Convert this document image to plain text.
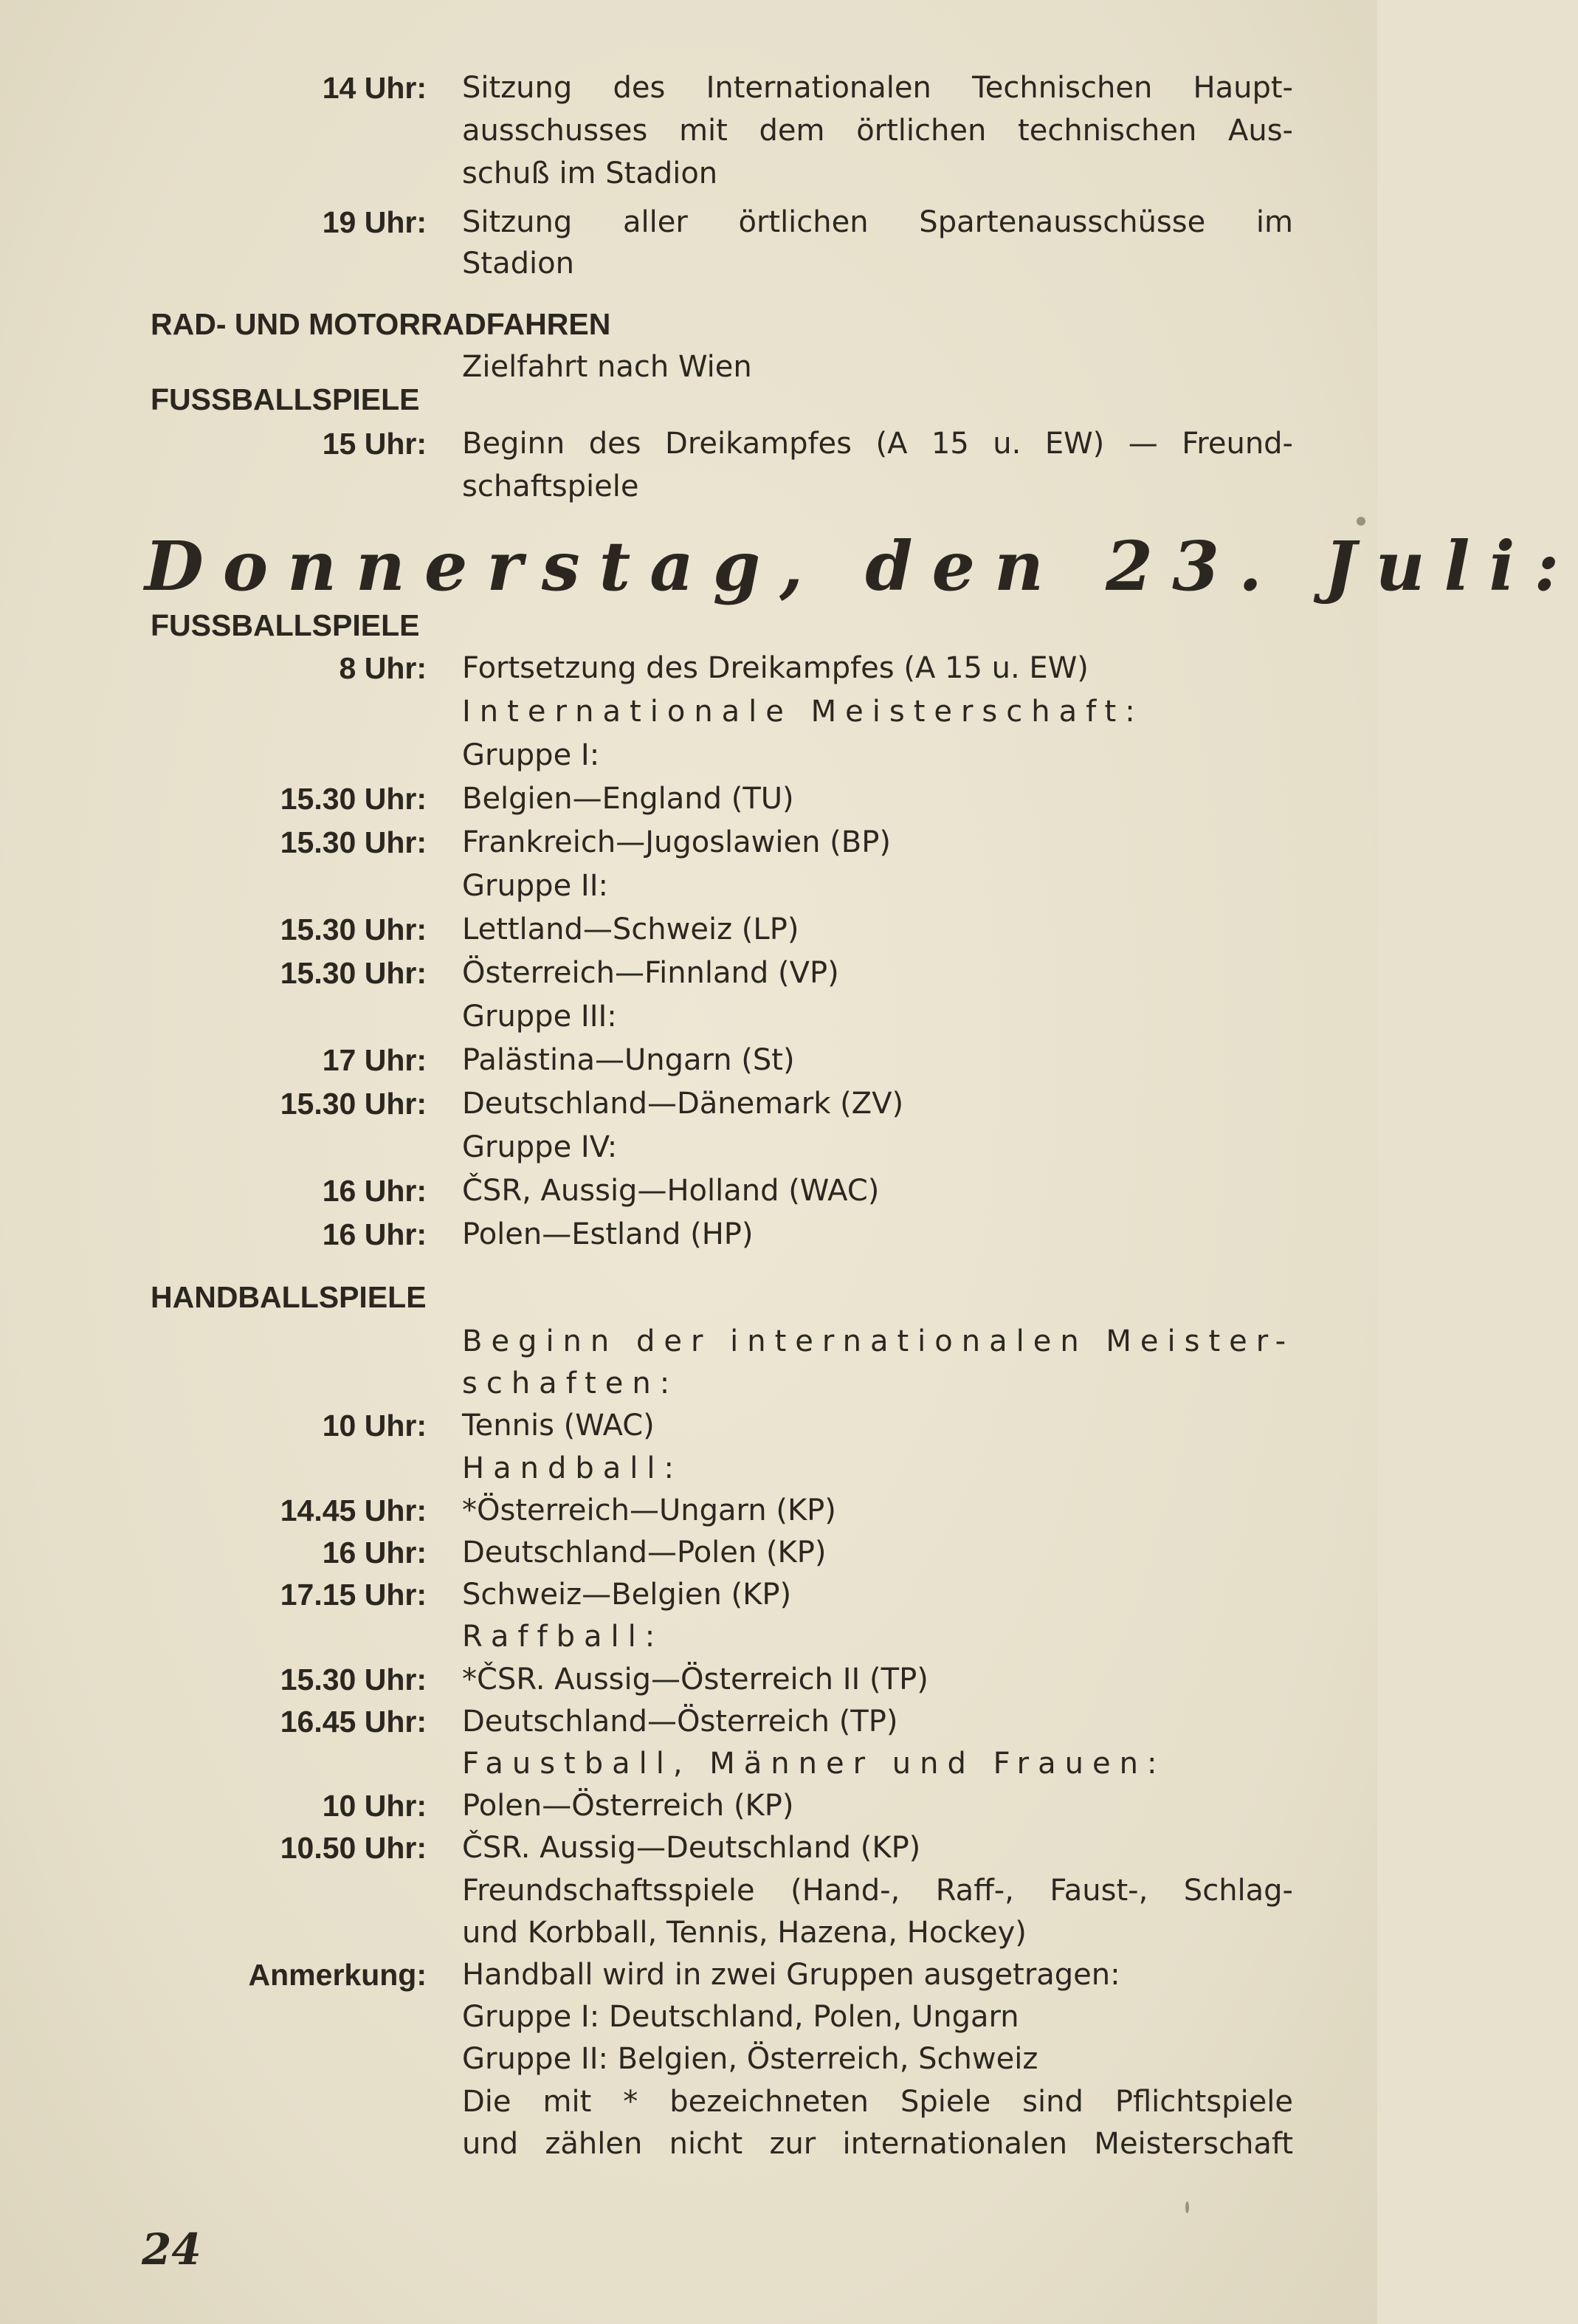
14 Uhr: Sitzung des Internationalen Technischen Haupt-
ausschusses mit dem örtlichen technischen Aus-
schuß im Stadion
19 Uhr: Sitzung aller örtlichen Spartenausschüsse im
Stadion
RAD- UND MOTORRADFAHREN
Zielfahrt nach Wien
FUSSBALLSPIELE
15 Uhr: Beginn des Dreikampfes (A 15 u. EW) — Freund-
schaftspiele
Donnerstag, den 23. Juli:
FUSSBALLSPIELE
8 Uhr: Fortsetzung des Dreikampfes (A 15 u. EW)
Internationale Meisterschaft:
Gruppe I:
15.30 Uhr: Belgien—England (TU)
15.30 Uhr: Frankreich—Jugoslawien (BP)
Gruppe II:
15.30 Uhr: Lettland—Schweiz (LP)
15.30 Uhr: Österreich—Finnland (VP)
Gruppe III:
17 Uhr: Palästina—Ungarn (St)
15.30 Uhr: Deutschland—Dänemark (ZV)
Gruppe IV:
16 Uhr: ČSR, Aussig—Holland (WAC)
16 Uhr: Polen—Estland (HP)
HANDBALLSPIELE
Beginn der internationalen Meister-
schaften:
10 Uhr: Tennis (WAC)
Handball:
14.45 Uhr: *Österreich—Ungarn (KP)
16 Uhr: Deutschland—Polen (KP)
17.15 Uhr: Schweiz—Belgien (KP)
Raffball:
15.30 Uhr: *ČSR. Aussig—Österreich II (TP)
16.45 Uhr: Deutschland—Österreich (TP)
Faustball, Männer und Frauen:
10 Uhr: Polen—Österreich (KP)
10.50 Uhr: ČSR. Aussig—Deutschland (KP)
Freundschaftsspiele (Hand-, Raff-, Faust-, Schlag-
und Korbball, Tennis, Hazena, Hockey)
Anmerkung: Handball wird in zwei Gruppen ausgetragen:
Gruppe I: Deutschland, Polen, Ungarn
Gruppe II: Belgien, Österreich, Schweiz
Die mit * bezeichneten Spiele sind Pflichtspiele
und zählen nicht zur internationalen Meisterschaft
24
